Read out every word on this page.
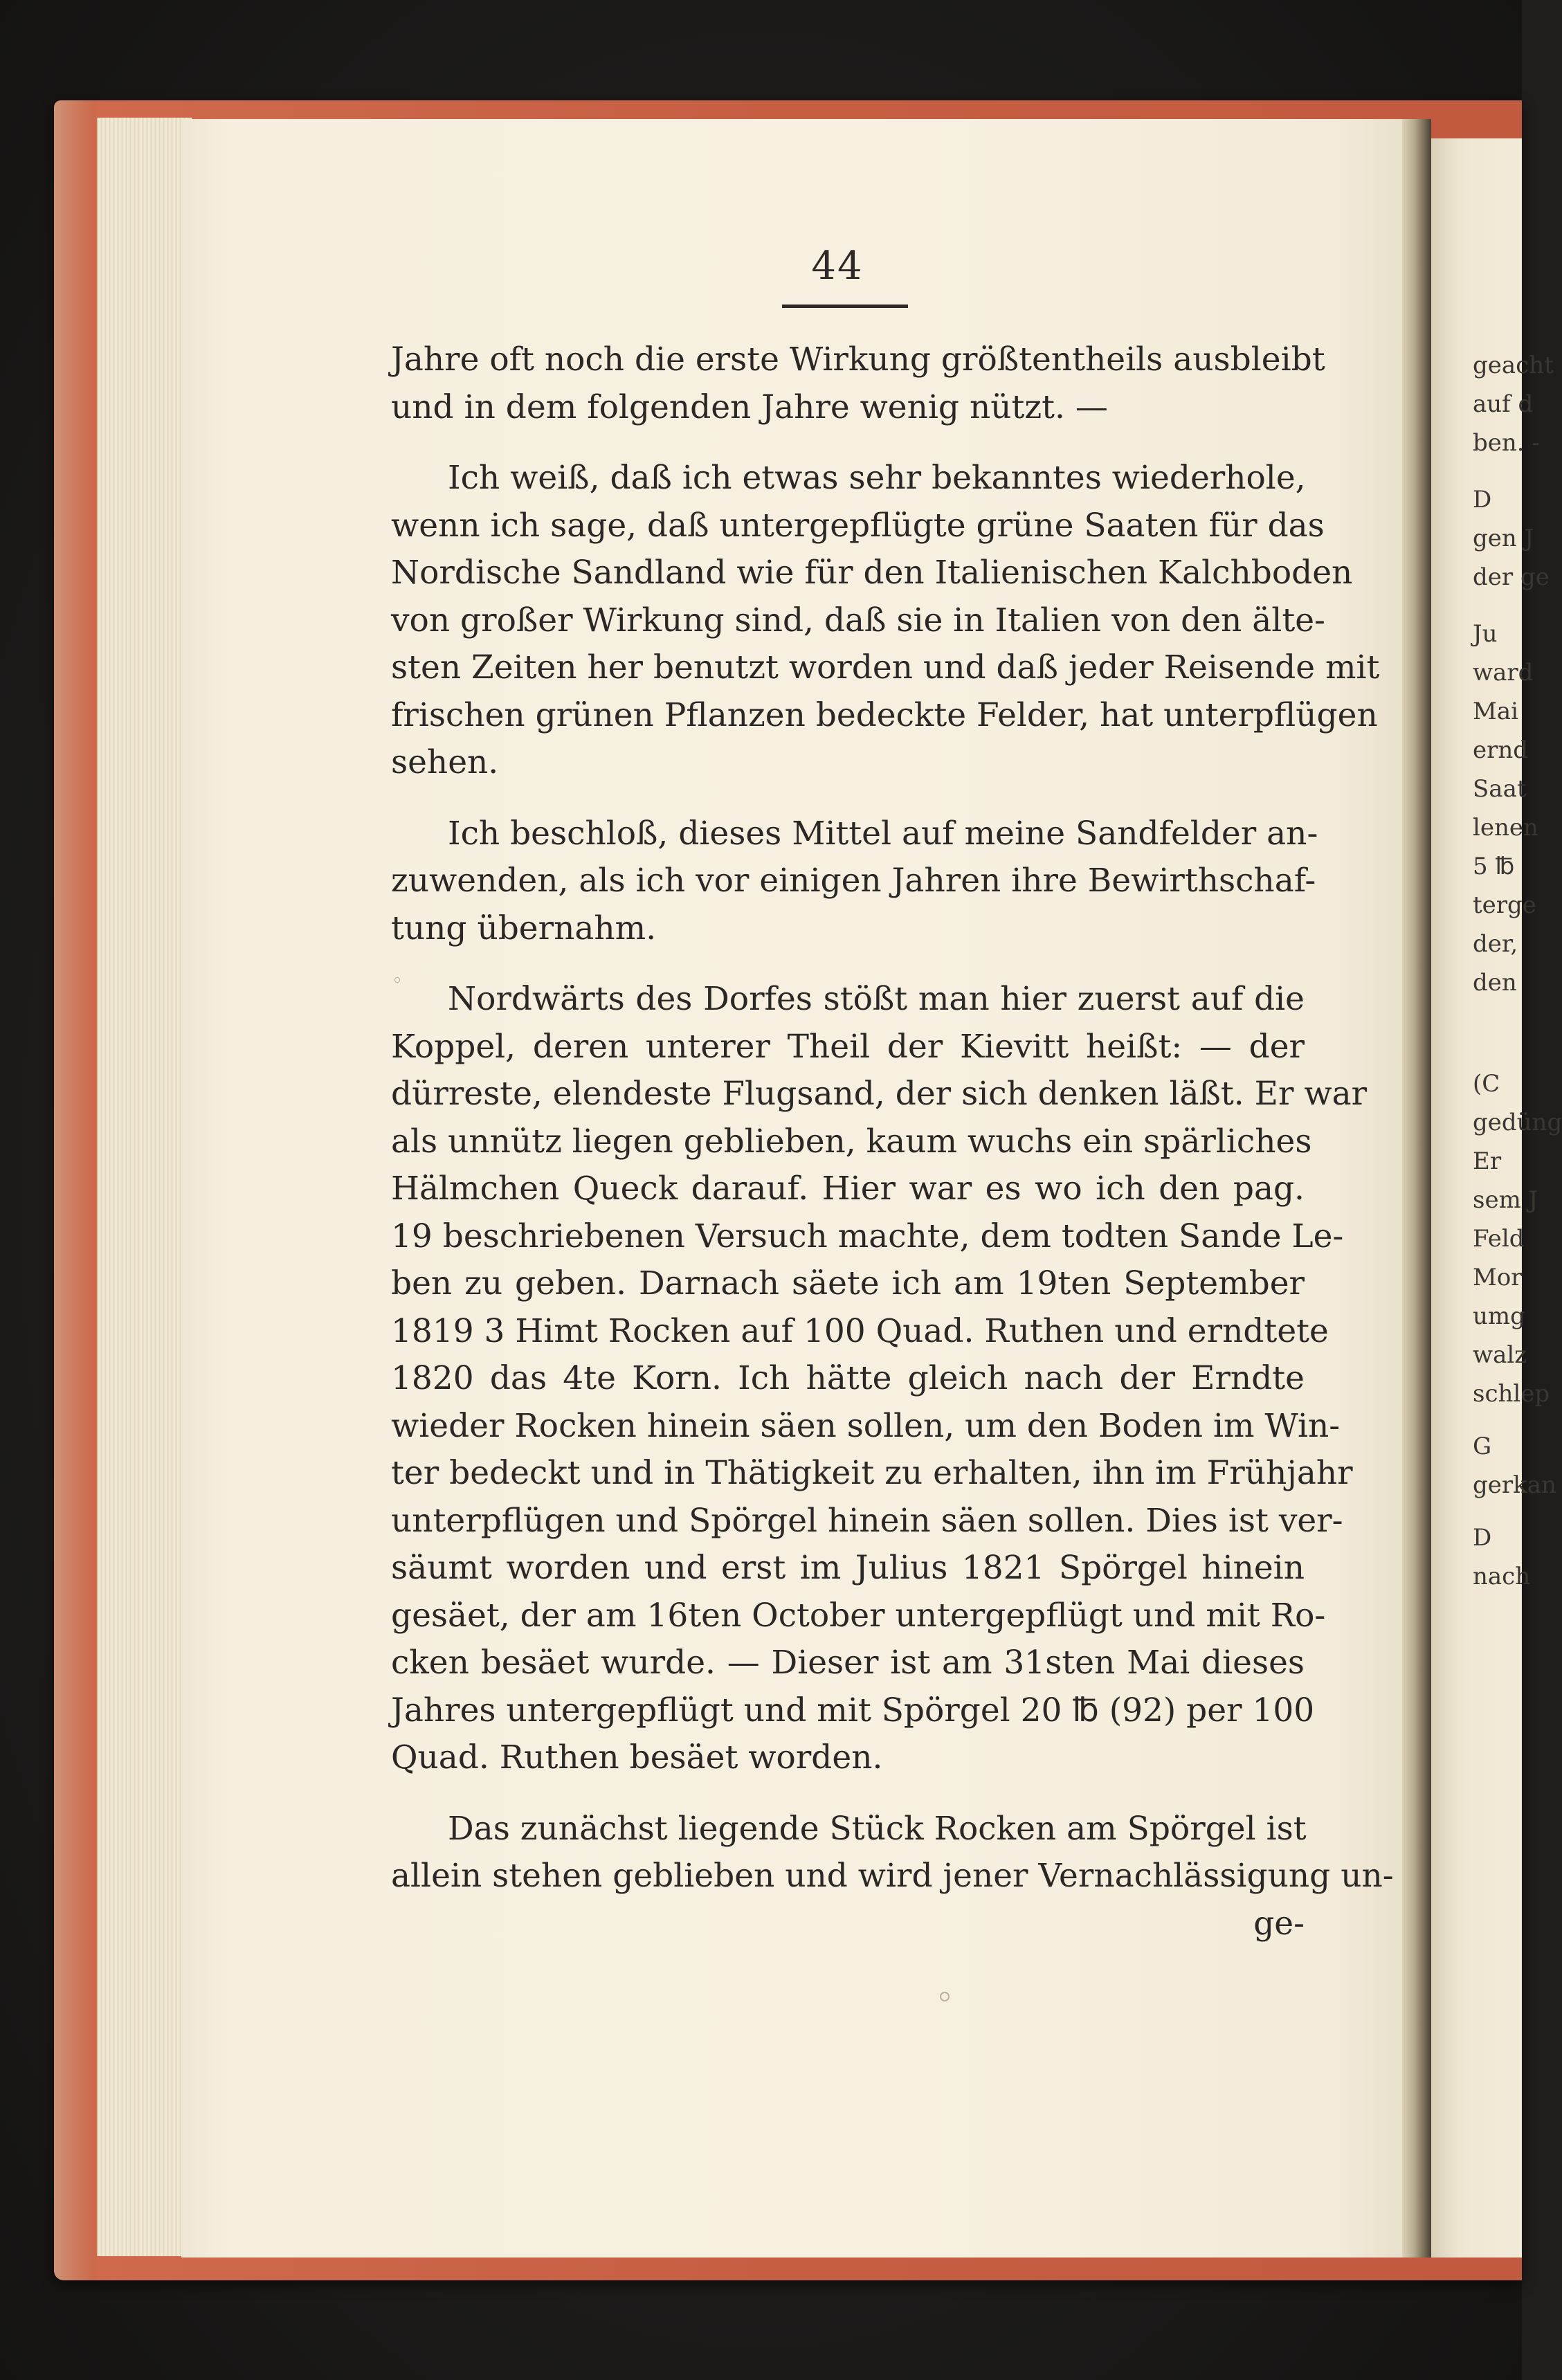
44
Jahre oft noch die erste Wirkung größtentheils ausbleibt
und in dem folgenden Jahre wenig nützt. —
Ich weiß, daß ich etwas sehr bekanntes wiederhole,
wenn ich sage, daß untergepflügte grüne Saaten für das
Nordische Sandland wie für den Italienischen Kalchboden
von großer Wirkung sind, daß sie in Italien von den älte-
sten Zeiten her benutzt worden und daß jeder Reisende mit
frischen grünen Pflanzen bedeckte Felder, hat unterpflügen
sehen.
Ich beschloß, dieses Mittel auf meine Sandfelder an-
zuwenden, als ich vor einigen Jahren ihre Bewirthschaf-
tung übernahm.
Nordwärts des Dorfes stößt man hier zuerst auf die
Koppel, deren unterer Theil der Kievitt heißt: — der
dürreste, elendeste Flugsand, der sich denken läßt. Er war
als unnütz liegen geblieben, kaum wuchs ein spärliches
Hälmchen Queck darauf. Hier war es wo ich den pag.
19 beschriebenen Versuch machte, dem todten Sande Le-
ben zu geben. Darnach säete ich am 19ten September
1819 3 Himt Rocken auf 100 Quad. Ruthen und erndtete
1820 das 4te Korn. Ich hätte gleich nach der Erndte
wieder Rocken hinein säen sollen, um den Boden im Win-
ter bedeckt und in Thätigkeit zu erhalten, ihn im Frühjahr
unterpflügen und Spörgel hinein säen sollen. Dies ist ver-
säumt worden und erst im Julius 1821 Spörgel hinein
gesäet, der am 16ten October untergepflügt und mit Ro-
cken besäet wurde. — Dieser ist am 31sten Mai dieses
Jahres untergepflügt und mit Spörgel 20 ℔ (92) per 100
Quad. Ruthen besäet worden.
Das zunächst liegende Stück Rocken am Spörgel ist
allein stehen geblieben und wird jener Vernachlässigung un-
ge-
geacht
auf d
ben. -
D
gen J
der ge
Ju
ward
Mai
ernd
Saat
lenen
5 ℔
terge
der,
den
(C
gedüng
Er
sem J
Feld
Mor
umg
walz
schlep
G
gerkan
D
nach
